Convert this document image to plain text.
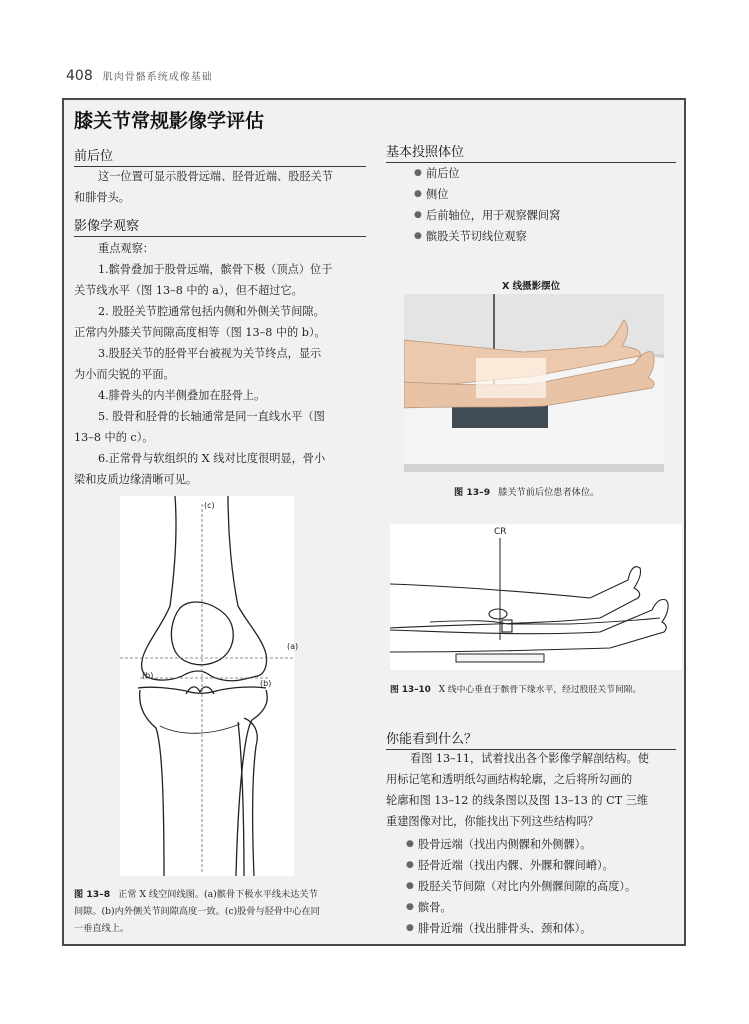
408 肌肉骨骼系统成像基础
膝关节常规影像学评估
前后位
这一位置可显示股骨远端、胫骨近端、股胫关节
和腓骨头。
影像学观察
重点观察：
1.髌骨叠加于股骨远端，髌骨下极（顶点）位于
关节线水平（图 13–8 中的 a），但不超过它。
2. 股胫关节腔通常包括内侧和外侧关节间隙。
正常内外膝关节间隙高度相等（图 13–8 中的 b）。
3.股胫关节的胫骨平台被视为关节终点，显示
为小而尖锐的平面。
4.腓骨头的内半侧叠加在胫骨上。
5. 股骨和胫骨的长轴通常是同一直线水平（图
13–8 中的 c）。
6.正常骨与软组织的 X 线对比度很明显，骨小
梁和皮质边缘清晰可见。
(c)
(b)
(b)
(a)
图 13–8 正常 X 线空间线图。(a)髌骨下极水平线未达关节
间隙。(b)内外侧关节间隙高度一致。(c)股骨与胫骨中心在同
一垂直线上。
基本投照体位
● 前后位
● 侧位
● 后前轴位，用于观察髁间窝
● 髌股关节切线位观察
X 线摄影摆位
图 13–9 膝关节前后位患者体位。
CR
图 13–10 X 线中心垂直于髌骨下缘水平，经过股胫关节间隙。
你能看到什么？
看图 13–11，试着找出各个影像学解剖结构。使
用标记笔和透明纸勾画结构轮廓，之后将所勾画的
轮廓和图 13–12 的线条图以及图 13–13 的 CT 三维
重建图像对比，你能找出下列这些结构吗？
● 股骨远端（找出内侧髁和外侧髁）。
● 胫骨近端（找出内髁、外髁和髁间嵴）。
● 股胫关节间隙（对比内外侧髁间隙的高度）。
● 髌骨。
● 腓骨近端（找出腓骨头、颈和体）。
